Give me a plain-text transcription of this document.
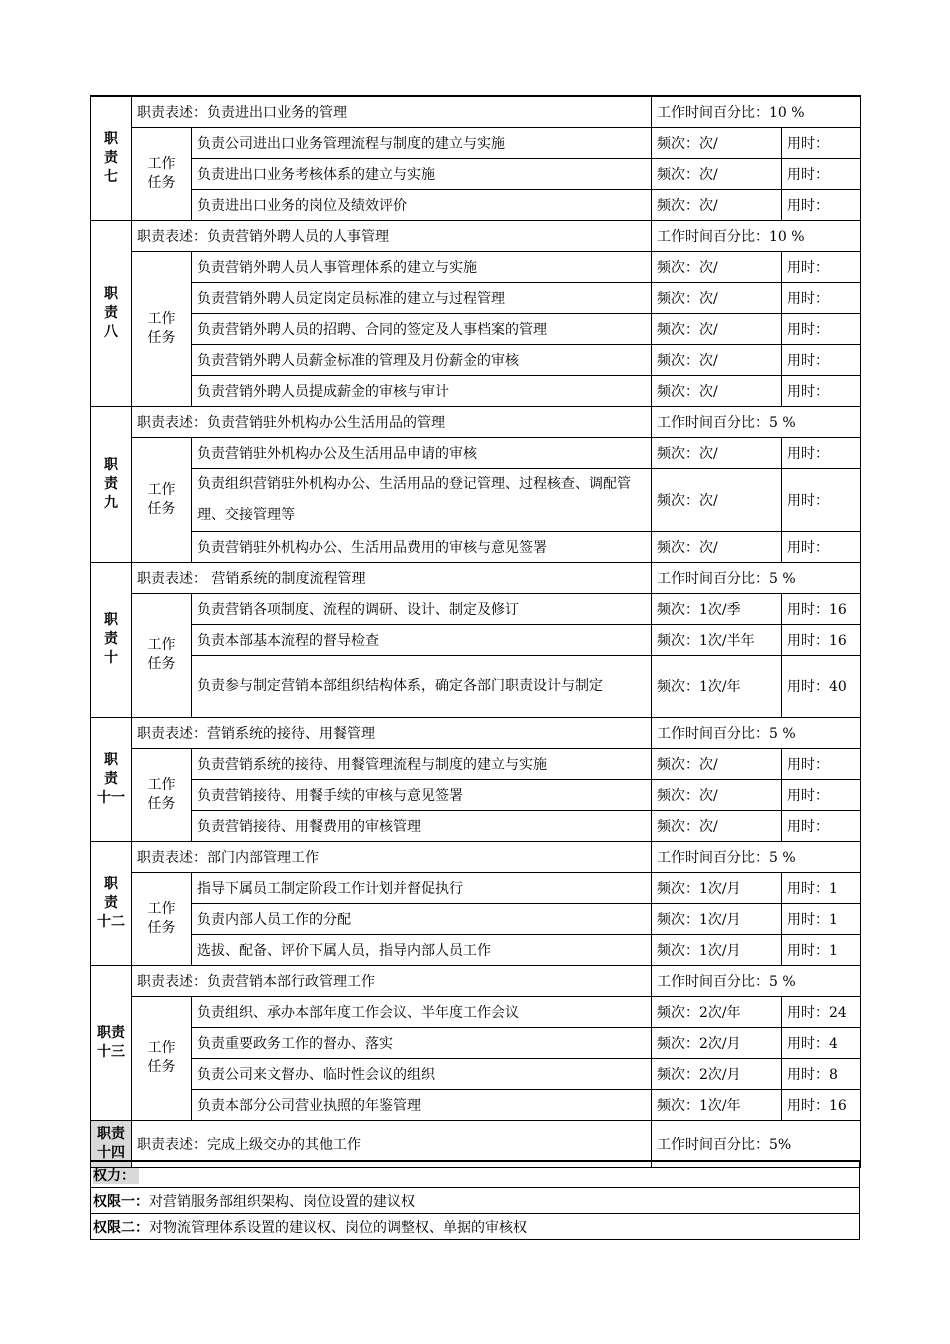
职
责
七	职责表述：负责进出口业务的管理		工作时间百分比：10 %	

	工作
任务	负责公司进出口业务管理流程与制度的建立与实施	频次：次/	用时：
		负责进出口业务考核体系的建立与实施	频次：次/	用时：
		负责进出口业务的岗位及绩效评价	频次：次/	用时：

职
责
八	职责表述：负责营销外聘人员的人事管理		工作时间百分比：10 %	

	工作
任务	负责营销外聘人员人事管理体系的建立与实施	频次：次/	用时：
		负责营销外聘人员定岗定员标准的建立与过程管理	频次：次/	用时：
		负责营销外聘人员的招聘、合同的签定及人事档案的管理	频次：次/	用时：
		负责营销外聘人员薪金标准的管理及月份薪金的审核	频次：次/	用时：
		负责营销外聘人员提成薪金的审核与审计	频次：次/	用时：

职
责
九	职责表述：负责营销驻外机构办公生活用品的管理		工作时间百分比：5 %	

	工作
任务	负责营销驻外机构办公及生活用品申请的审核	频次：次/	用时：
		负责组织营销驻外机构办公、生活用品的登记管理、过程核查、调配管理、交接管理等	频次：次/	用时：
		负责营销驻外机构办公、生活用品费用的审核与意见签署	频次：次/	用时：

职
责
十	职责表述： 营销系统的制度流程管理		工作时间百分比：5 %	

	工作
任务	负责营销各项制度、流程的调研、设计、制定及修订	频次：1次/季	用时：16
		负责本部基本流程的督导检查	频次：1次/半年	用时：16
		负责参与制定营销本部组织结构体系，确定各部门职责设计与制定	频次：1次/年	用时：40

职
责
十一	职责表述：营销系统的接待、用餐管理		工作时间百分比：5 %	

	工作
任务	负责营销系统的接待、用餐管理流程与制度的建立与实施	频次：次/	用时：
		负责营销接待、用餐手续的审核与意见签署	频次：次/	用时：
		负责营销接待、用餐费用的审核管理	频次：次/	用时：

职
责
十二	职责表述：部门内部管理工作		工作时间百分比：5 %	

	工作
任务	指导下属员工制定阶段工作计划并督促执行	频次：1次/月	用时：1
		负责内部人员工作的分配	频次：1次/月	用时：1
		选拔、配备、评价下属人员，指导内部人员工作	频次：1次/月	用时：1

职责
十三	职责表述：负责营销本部行政管理工作		工作时间百分比：5 %	

	工作
任务	负责组织、承办本部年度工作会议、半年度工作会议	频次：2次/年	用时：24
		负责重要政务工作的督办、落实	频次：2次/月	用时：4
		负责公司来文督办、临时性会议的组织	频次：2次/月	用时：8
		负责本部分公司营业执照的年鉴管理	频次：1次/年	用时：16

职责
十四	职责表述：完成上级交办的其他工作		工作时间百分比：5%	
权力：
权限一：对营销服务部组织架构、岗位设置的建议权
权限二：对物流管理体系设置的建议权、岗位的调整权、单据的审核权
